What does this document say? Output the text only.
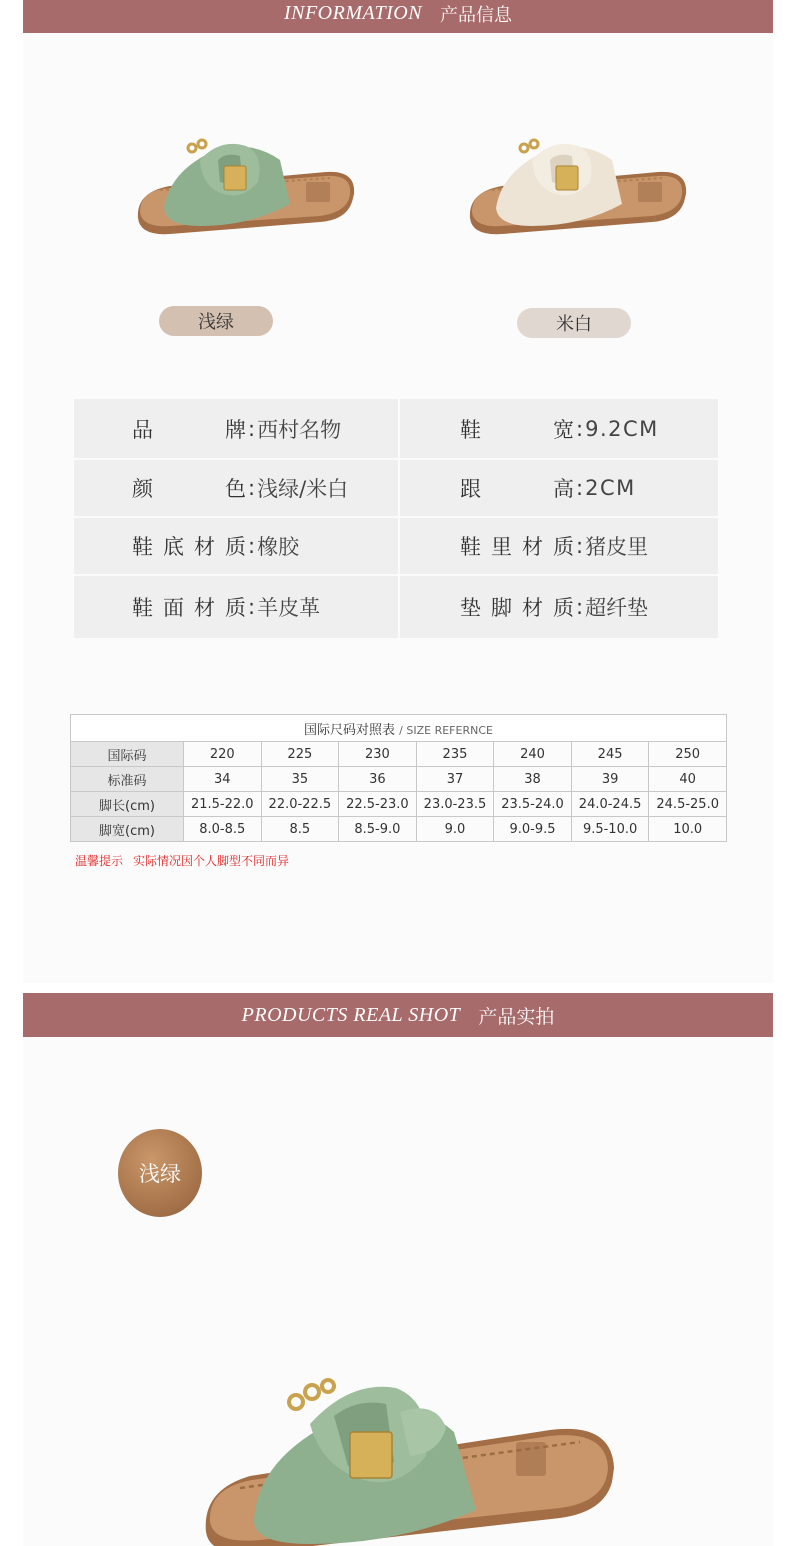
INFORMATION 产品信息
浅绿	米白
品牌 : 西村名物	鞋宽 : 9.2CM
颜色 : 浅绿/米白	跟高 : 2CM
鞋底材质 : 橡胶	鞋里材质 : 猪皮里
鞋面材质 : 羊皮革	垫脚材质 : 超纤垫
国际尺码对照表 / SIZE REFERNCE							
国际码	220	225	230	235	240	245	250
标准码	34	35	36	37	38	39	40
脚长(cm)	21.5-22.0	22.0-22.5	22.5-23.0	23.0-23.5	23.5-24.0	24.0-24.5	24.5-25.0
脚宽(cm)	8.0-8.5	8.5	8.5-9.0	9.0	9.0-9.5	9.5-10.0	10.0
温馨提示 实际情况因个人脚型不同而异
PRODUCTS REAL SHOT 产品实拍
浅绿
